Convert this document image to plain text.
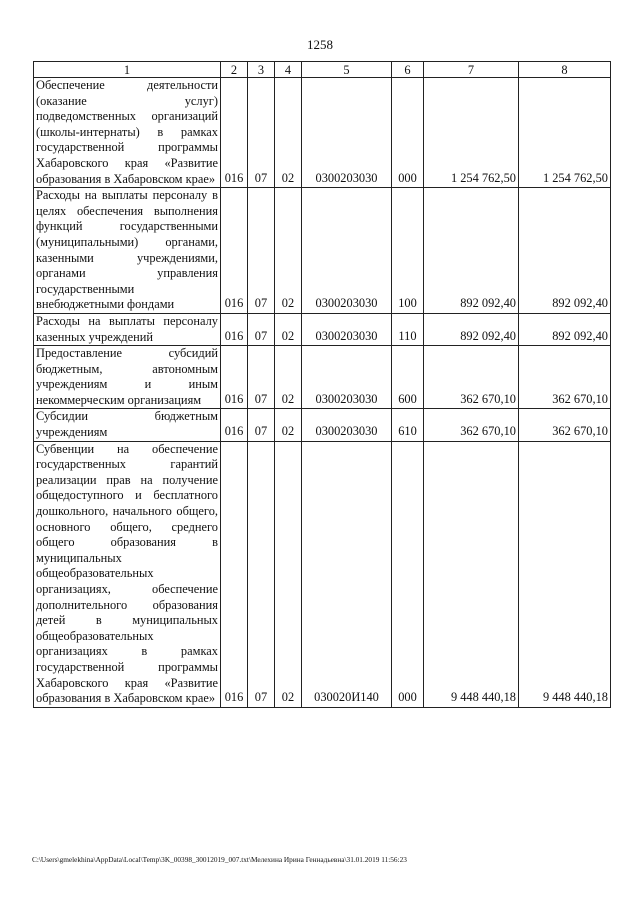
1258
1	2	3	4	5	6	7	8
Обеспечение деятельности (оказание услуг) подведомственных организаций (школы-интернаты) в рамках государственной программы Хабаровского края «Развитие образования в Хабаровском крае»	016	07	02	0300203030	000	1 254 762,50	1 254 762,50
Расходы на выплаты персоналу в целях обеспечения выполнения функций государственными (муниципальными) органами, казенными учреждениями, органами управления государственными внебюджетными фондами	016	07	02	0300203030	100	892 092,40	892 092,40
Расходы на выплаты персоналу казенных учреждений	016	07	02	0300203030	110	892 092,40	892 092,40
Предоставление субсидий бюджетным, автономным учреждениям и иным некоммерческим организациям	016	07	02	0300203030	600	362 670,10	362 670,10
Субсидии бюджетным учреждениям	016	07	02	0300203030	610	362 670,10	362 670,10
Субвенции на обеспечение государственных гарантий реализации прав на получение общедоступного и бесплатного дошкольного, начального общего, основного общего, среднего общего образования в муниципальных общеобразовательных организациях, обеспечение дополнительного образования детей в муниципальных общеобразовательных организациях в рамках государственной программы Хабаровского края «Развитие образования в Хабаровском крае»	016	07	02	030020И140	000	9 448 440,18	9 448 440,18
C:\Users\gmelekhina\AppData\Local\Temp\3K_00398_30012019_007.txt\Мелехина Ирина Геннадьевна\31.01.2019 11:56:23
